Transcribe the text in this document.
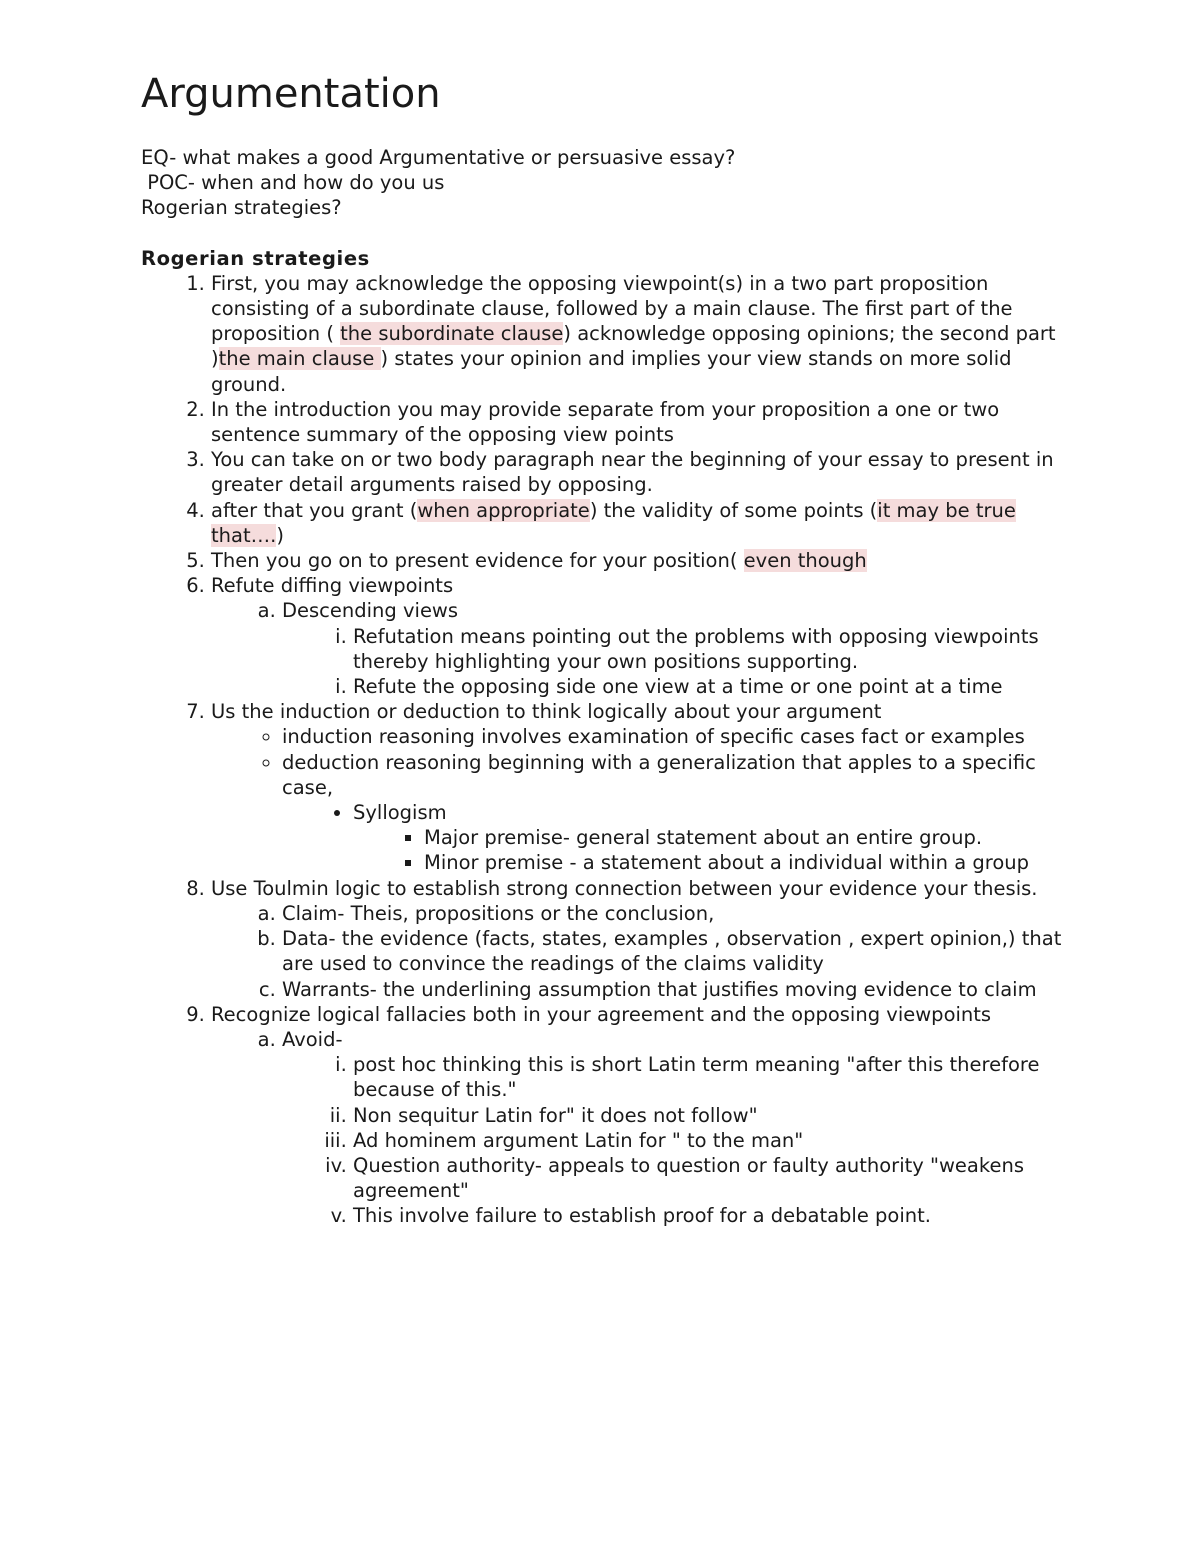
Argumentation
EQ- what makes a good Argumentative or persuasive essay?
POC- when and how do you us
Rogerian strategies?
Rogerian strategies
1. First, you may acknowledge the opposing viewpoint(s) in a two part proposition consisting of a subordinate clause, followed by a main clause. The first part of the proposition ( the subordinate clause) acknowledge opposing opinions; the second part )the main clause ) states your opinion and implies your view stands on more solid ground.
2. In the introduction you may provide separate from your proposition a one or two sentence summary of the opposing view points
3. You can take on or two body paragraph near the beginning of your essay to present in greater detail arguments raised by opposing.
4. after that you grant (when appropriate) the validity of some points (it may be true that….)
5. Then you go on to present evidence for your position( even though
6. Refute diffing viewpoints
a. Descending views
i. Refutation means pointing out the problems with opposing viewpoints thereby highlighting your own positions supporting.
i. Refute the opposing side one view at a time or one point at a time
7. Us the induction or deduction to think logically about your argument
◦ induction reasoning involves examination of specific cases fact or examples
◦ deduction reasoning beginning with a generalization that apples to a specific case,
• Syllogism
▪ Major premise- general statement about an entire group.
▪ Minor premise - a statement about a individual within a group
8. Use Toulmin logic to establish strong connection between your evidence your thesis.
a. Claim- Theis, propositions or the conclusion,
b. Data- the evidence (facts, states, examples , observation , expert opinion,) that are used to convince the readings of the claims validity
c. Warrants- the underlining assumption that justifies moving evidence to claim
9. Recognize logical fallacies both in your agreement and the opposing viewpoints
a. Avoid-
i. post hoc thinking this is short Latin term meaning "after this therefore because of this."
ii. Non sequitur Latin for" it does not follow"
iii. Ad hominem argument Latin for " to the man"
iv. Question authority- appeals to question or faulty authority "weakens agreement"
v. This involve failure to establish proof for a debatable point.
